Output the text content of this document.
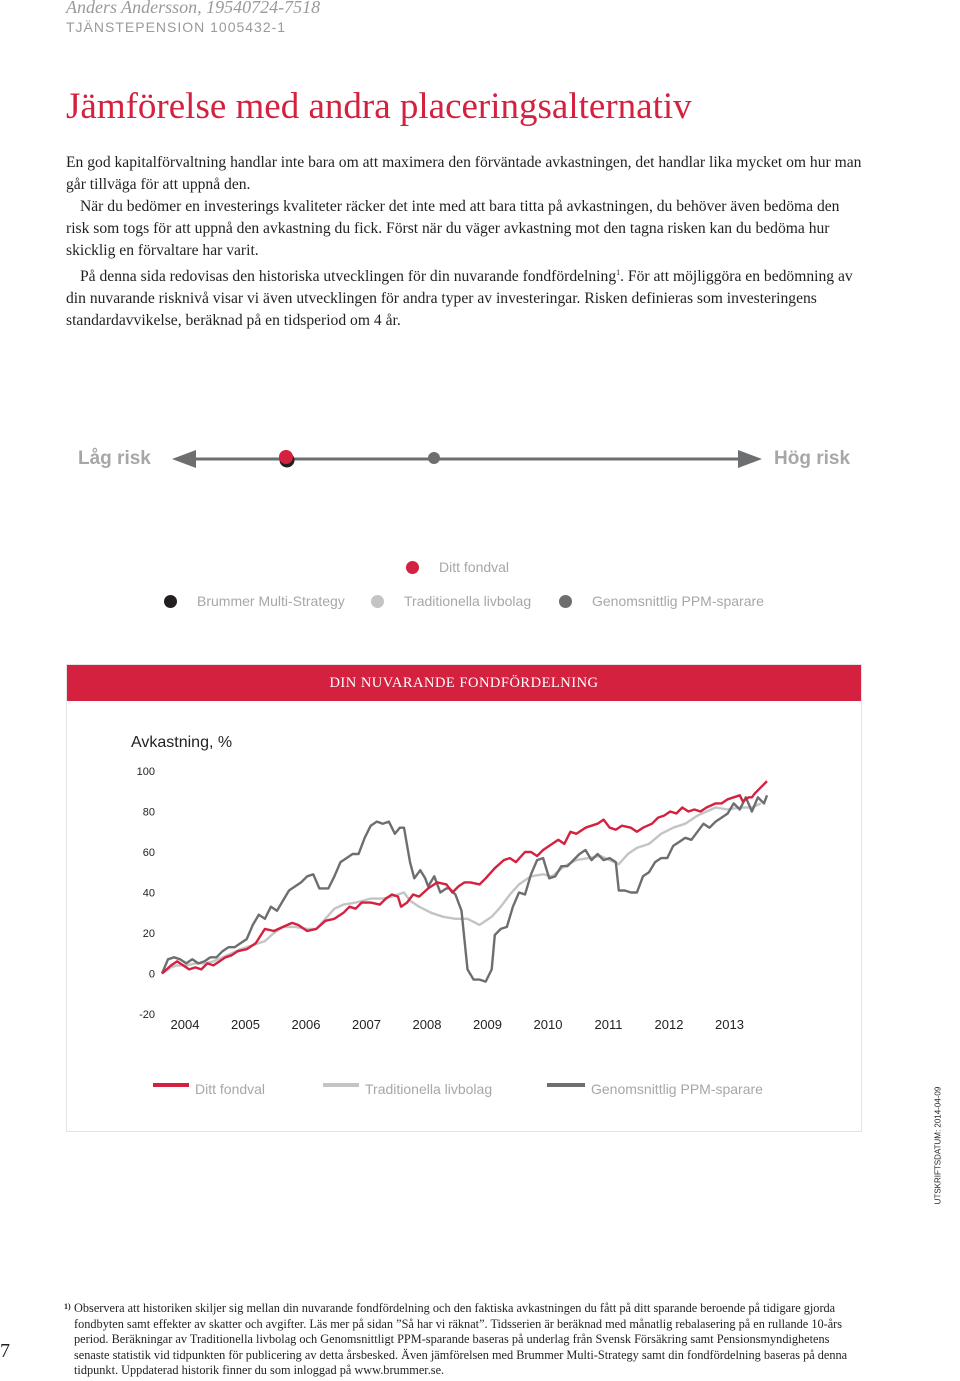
Anders Andersson, 19540724-7518
TJÄNSTEPENSION 1005432-1
Jämförelse med andra placeringsalternativ

En god kapitalförvaltning handlar inte bara om att maximera den förväntade avkastningen, det handlar lika mycket om hur man går tillväga för att uppnå den.

När du bedömer en investerings kvaliteter räcker det inte med att bara titta på avkastningen, du behöver även bedöma den risk som togs för att uppnå den avkastning du fick. Först när du väger avkastning mot den tagna risken kan du bedöma hur skicklig en förvaltare har varit.

På denna sida redovisas den historiska utvecklingen för din nuvarande fondfördelning$^1$. För att möjliggöra en bedömning av din nuvarande risknivå visar vi även utvecklingen för andra typer av investeringar. Risken definieras som investeringens standardavvikelse, beräknad på en tidsperiod om 4 år.

Låg risk	Hög risk
Ditt fondval
Brummer Multi-Strategy	Traditionella livbolag	Genomsnittlig PPM-sparare
DIN NUVARANDE FONDFÖRDELNING
Avkastning, %
100
80
60
40
20
0
-20
2004 2005 2006 2007 2008 2009 2010 2011 2012 2013
Ditt fondval	Traditionella livbolag	Genomsnittlig PPM-sparare	UTSKRIFTSDATUM: 2014-04-09
1) Observera att historiken skiljer sig mellan din nuvarande fondfördelning och den faktiska avkastningen du fått på ditt sparande beroende på tidigare gjorda fondbyten samt effekter av skatter och avgifter. Läs mer på sidan ”Så har vi räknat”. Tidsserien är beräknad med månatlig rebalasering på en rullande 10-års period. Beräkningar av Traditionella livbolag och Genomsnittligt PPM-sparande baseras på underlag från Svensk Försäkring samt Pensionsmyndighetens senaste statistik vid tidpunkten för publicering av detta årsbesked. Även jämförelsen med Brummer Multi-Strategy samt din fondfördelning baseras på denna tidpunkt. Uppdaterad historik finner du som inloggad på www.brummer.se.
7
